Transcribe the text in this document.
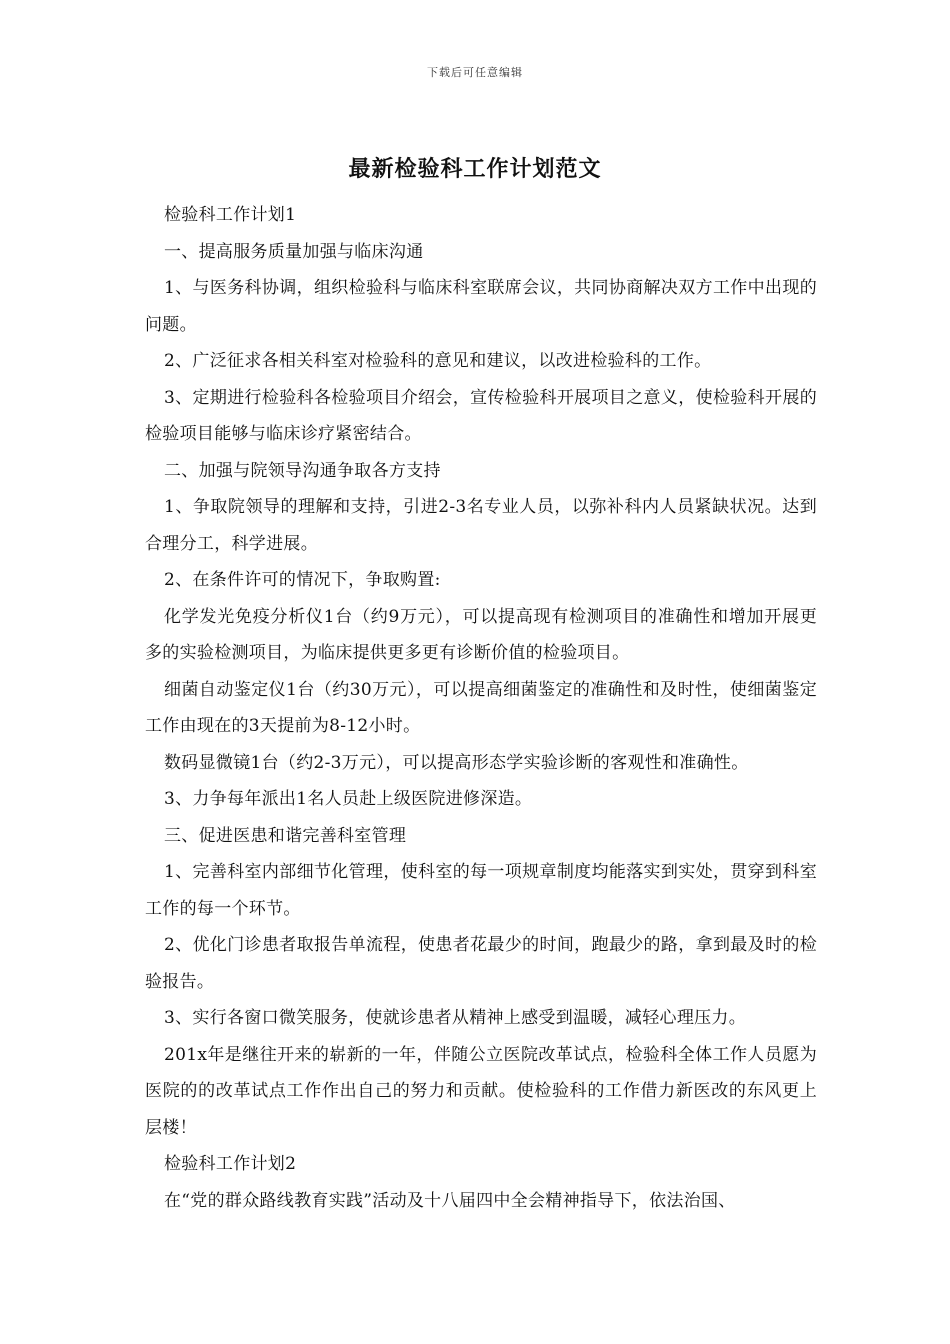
下载后可任意编辑
最新检验科工作计划范文

检验科工作计划1

一、提高服务质量加强与临床沟通

1、与医务科协调，组织检验科与临床科室联席会议，共同协商解决双方工作中出现的问题。

2、广泛征求各相关科室对检验科的意见和建议，以改进检验科的工作。

3、定期进行检验科各检验项目介绍会，宣传检验科开展项目之意义，使检验科开展的检验项目能够与临床诊疗紧密结合。

二、加强与院领导沟通争取各方支持

1、争取院领导的理解和支持，引进2-3名专业人员，以弥补科内人员紧缺状况。达到合理分工，科学进展。

2、在条件许可的情况下，争取购置:

化学发光免疫分析仪1台（约9万元），可以提高现有检测项目的准确性和增加开展更多的实验检测项目，为临床提供更多更有诊断价值的检验项目。

细菌自动鉴定仪1台（约30万元），可以提高细菌鉴定的准确性和及时性，使细菌鉴定工作由现在的3天提前为8-12小时。

数码显微镜1台（约2-3万元），可以提高形态学实验诊断的客观性和准确性。

3、力争每年派出1名人员赴上级医院进修深造。

三、促进医患和谐完善科室管理

1、完善科室内部细节化管理，使科室的每一项规章制度均能落实到实处，贯穿到科室工作的每一个环节。

2、优化门诊患者取报告单流程，使患者花最少的时间，跑最少的路，拿到最及时的检验报告。

3、实行各窗口微笑服务，使就诊患者从精神上感受到温暖，减轻心理压力。

201x年是继往开来的崭新的一年，伴随公立医院改革试点，检验科全体工作人员愿为医院的的改革试点工作作出自己的努力和贡献。使检验科的工作借力新医改的东风更上层楼！

检验科工作计划2

在“党的群众路线教育实践”活动及十八届四中全会精神指导下，依法治国、
